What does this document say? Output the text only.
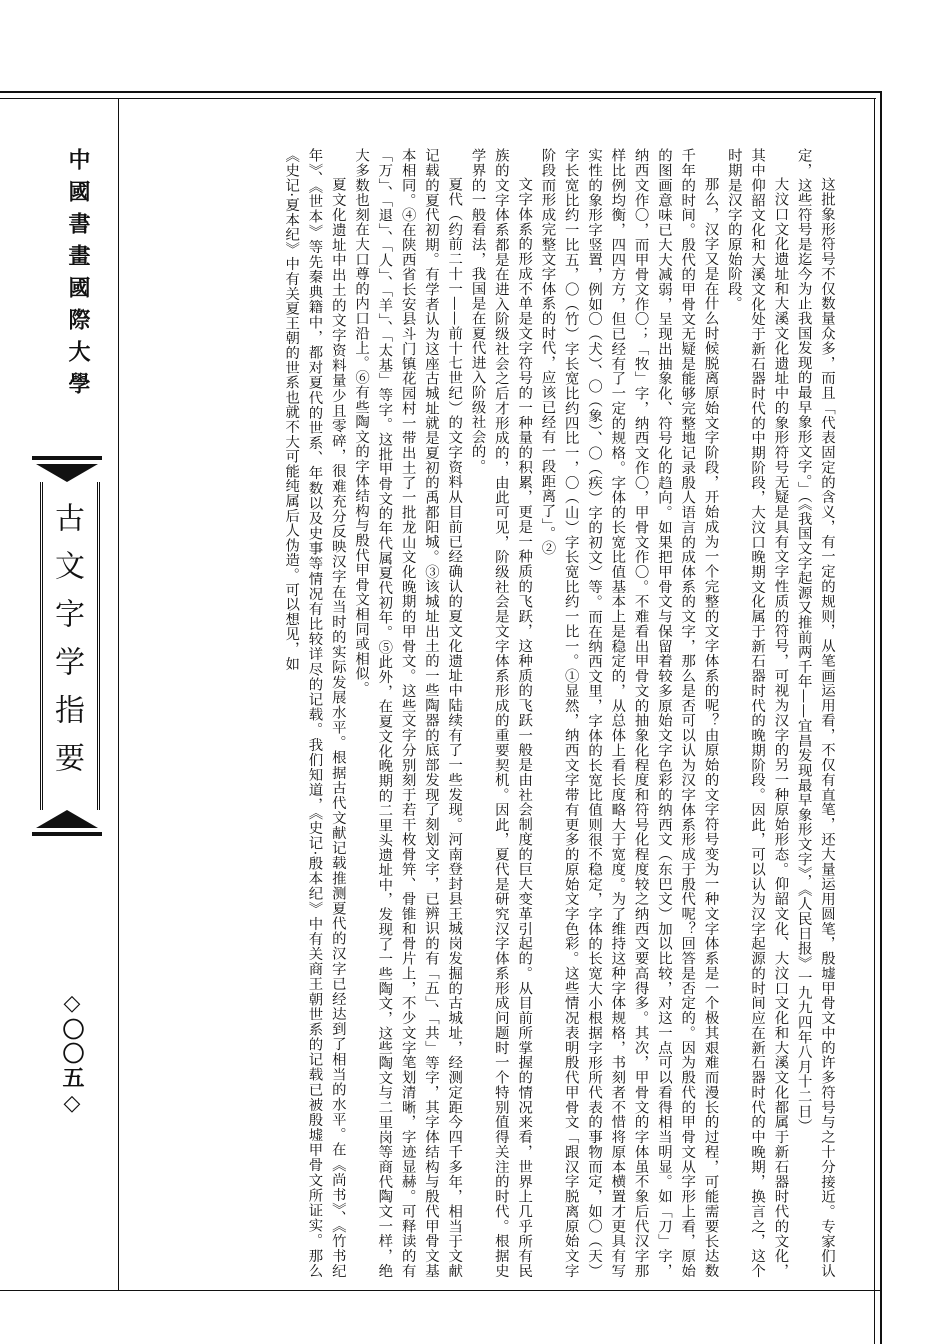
中國書畫國際大學
古文字学指要
◇〇〇五◇	这批象形符号不仅数量众多，而且「代表固定的含义，有一定的规则，从笔画运用看，不仅有直笔，还大量运用圆笔，殷墟甲骨文中的许多符号与之十分接近。专家们认定，这些符号是迄今为止我国发现的最早象形文字。」（《我国文字起源又推前两千年——宜昌发现最早象形文字》，《人民日报》一九九四年八月十二日）

大汶口文化遗址和大溪文化遗址中的象形符号无疑是具有文字性质的符号，可视为汉字的另一种原始形态。仰韶文化、大汶口文化和大溪文化都属于新石器时代的文化，其中仰韶文化和大溪文化处于新石器时代的中期阶段，大汶口晚期文化属于新石器时代的晚期阶段。因此，可以认为汉字起源的时间应在新石器时代的中晚期，换言之，这个时期是汉字的原始阶段。

那么，汉字又是在什么时候脱离原始文字阶段，开始成为一个完整的文字体系的呢？由原始的文字符号变为一种文字体系是一个极其艰难而漫长的过程，可能需要长达数千年的时间。殷代的甲骨文无疑是能够完整地记录殷人语言的成体系的文字，那么是否可以认为汉字体系形成于殷代呢？回答是否定的。因为殷代的甲骨文从字形上看，原始的图画意味已大大减弱，呈现出抽象化、符号化的趋向。如果把甲骨文与保留着较多原始文字色彩的纳西文（东巴文）加以比较，对这一点可以看得相当明显。如「刀」字，纳西文作〇，而甲骨文作〇；「牧」字，纳西文作〇，甲骨文作〇。不难看出甲骨文的抽象化程度和符号化程度较之纳西文要高得多。其次，甲骨文的字体虽不象后代汉字那样比例均衡，四四方方，但已经有了一定的规格。字体的长宽比值基本上是稳定的，从总体上看长度略大于宽度。为了维持这种字体规格，书刻者不惜将原本横置才更具有写实性的象形字竖置，例如〇（犬）、〇（象）、〇（疾）字的初文）等。而在纳西文里，字体的长宽比值则很不稳定，字体的长宽大小根据字形所代表的事物而定，如〇（天）字长宽比约一比五，〇（竹）字长宽比约四比一，〇（山）字长宽比约一比一。①显然，纳西文字带有更多的原始文字色彩。这些情况表明殷代甲骨文「跟汉字脱离原始文字阶段而形成完整文字体系的时代，应该已经有一段距离了」。②

文字体系的形成不单是文字符号的一种量的积累，更是一种质的飞跃，这种质的飞跃一般是由社会制度的巨大变革引起的。从目前所掌握的情况来看，世界上几乎所有民族的文字体系都是在进入阶级社会之后才形成的，由此可见，阶级社会是文字体系形成的重要契机。因此，夏代是研究汉字体系形成问题时一个特别值得关注的时代。根据史学界的一般看法，我国是在夏代进入阶级社会的。

夏代（约前二十一——前十七世纪）的文字资料从目前已经确认的夏文化遗址中陆续有了一些发现。河南登封县王城岗发掘的古城址，经测定距今四千多年，相当于文献记载的夏代初期。有学者认为这座古城址就是夏初的禹都阳城。③该城址出土的一些陶器的底部发现了刻划文字，已辨识的有「五」、「共」等字，其字体结构与殷代甲骨文基本相同。④在陕西省长安县斗门镇花园村一带出土了一批龙山文化晚期的甲骨文。这些文字分别刻于若干枚骨笄、骨锥和骨片上，不少文字笔划清晰，字迹显赫。可释读的有「万」、「退」、「人」、「羊」、「太基」等字。这批甲骨文的年代属夏代初年。⑤此外，在夏文化晚期的二里头遗址中，发现了一些陶文，这些陶文与二里岗等商代陶文一样，绝大多数也刻在大口尊的内口沿上。⑥有些陶文的字体结构与殷代甲骨文相同或相似。

夏文化遗址中出土的文字资料量少且零碎，很难充分反映汉字在当时的实际发展水平。根据古代文献记载推测夏代的汉字已经达到了相当的水平。在《尚书》、《竹书纪年》、《世本》等先秦典籍中，都对夏代的世系、年数以及史事等情况有比较详尽的记载。我们知道，《史记·殷本纪》中有关商王朝世系的记载已被殷墟甲骨文所证实。那么《史记·夏本纪》中有关夏王朝的世系也就不大可能纯属后人伪造。可以想见，如
